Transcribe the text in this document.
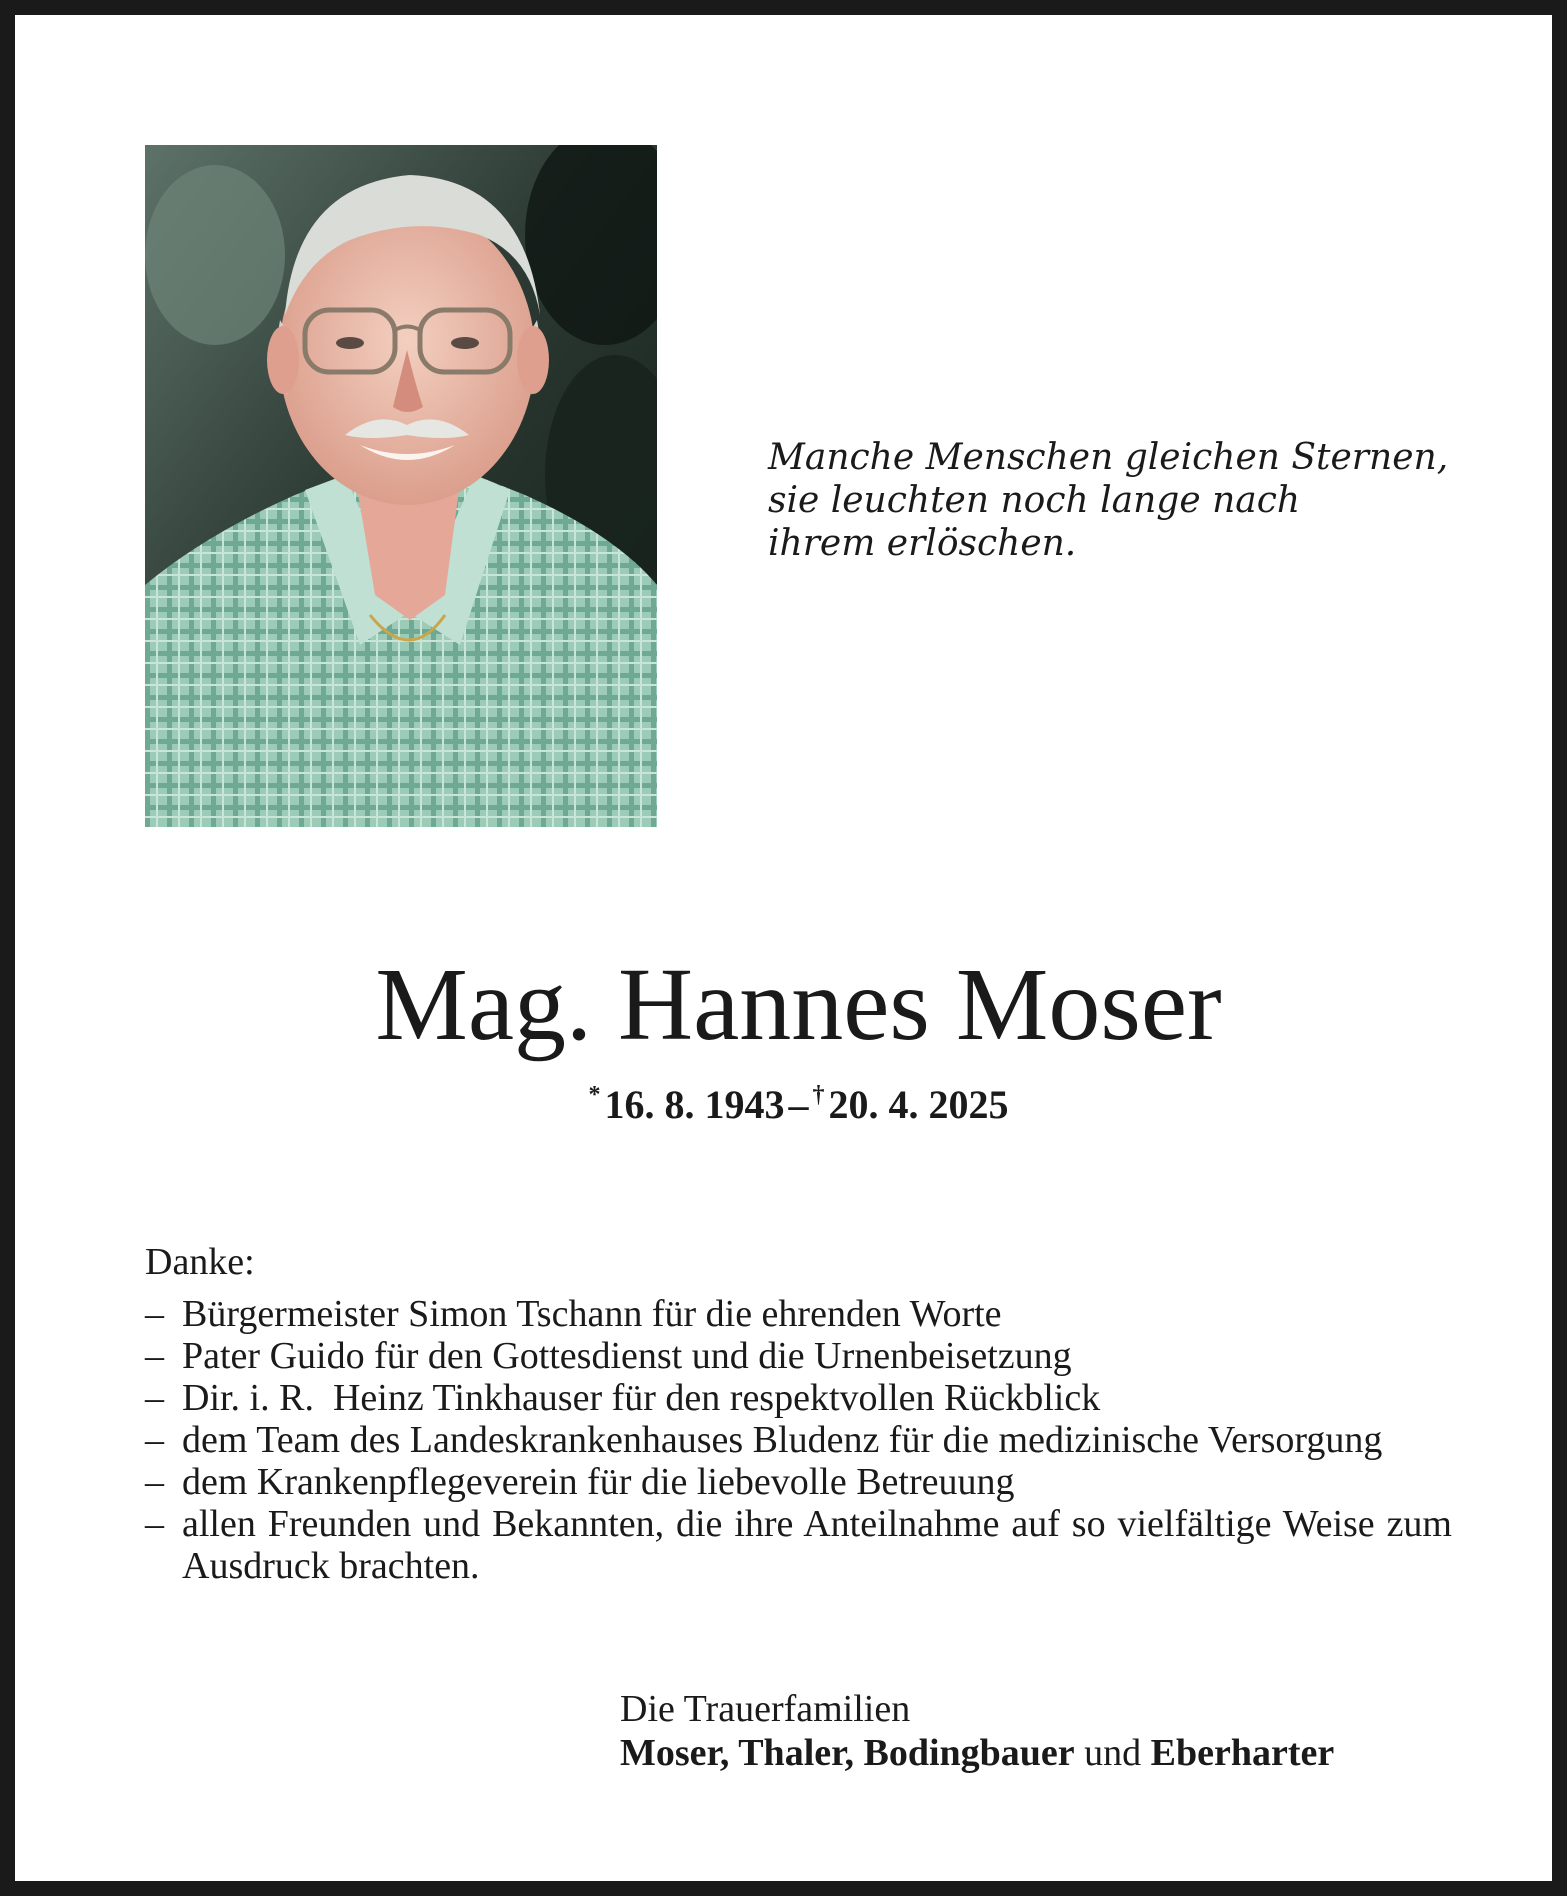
Manche Menschen gleichen Sternen,
sie leuchten noch lange nach
ihrem erlöschen.
Mag. Hannes Moser
* 16. 8. 1943 – † 20. 4. 2025
Danke:
– Bürgermeister Simon Tschann für die ehrenden Worte
– Pater Guido für den Gottesdienst und die Urnenbeisetzung
– Dir. i. R.  Heinz Tinkhauser für den respektvollen Rückblick
– dem Team des Landeskrankenhauses Bludenz für die medizinische Versorgung
– dem Krankenpflegeverein für die liebevolle Betreuung
– allen Freunden und Bekannten, die ihre Anteilnahme auf so vielfältige Weise zum Ausdruck brachten.
Die Trauerfamilien
Moser, Thaler, Bodingbauer und Eberharter
